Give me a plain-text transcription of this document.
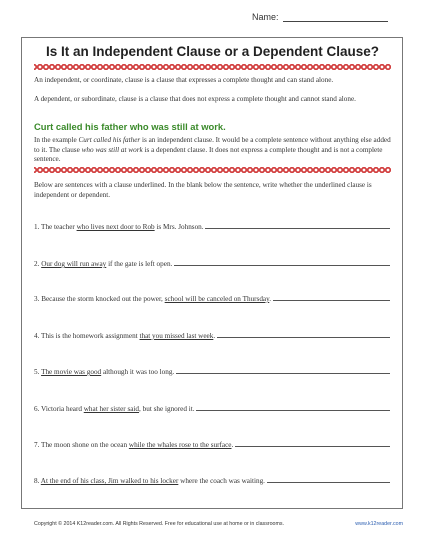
Name:
Is It an Independent Clause or a Dependent Clause?
An independent, or coordinate, clause is a clause that expresses a complete thought and can stand alone.
A dependent, or subordinate, clause is a clause that does not express a complete thought and cannot stand alone.
Curt called his father who was still at work.
In the example Curt called his father is an independent clause. It would be a complete sentence without anything else added to it. The clause who was still at work is a dependent clause. It does not express a complete thought and is not a complete sentence.
Below are sentences with a clause underlined. In the blank below the sentence, write whether the underlined clause is independent or dependent.
1. The teacher who lives next door to Rob is Mrs. Johnson.
2. Our dog will run away if the gate is left open.
3. Because the storm knocked out the power, school will be canceled on Thursday.
4. This is the homework assignment that you missed last week.
5. The movie was good although it was too long.
6. Victoria heard what her sister said, but she ignored it.
7. The moon shone on the ocean while the whales rose to the surface.
8. At the end of his class, Jim walked to his locker where the coach was waiting.
Copyright © 2014 K12reader.com. All Rights Reserved. Free for educational use at home or in classrooms.	www.k12reader.com
